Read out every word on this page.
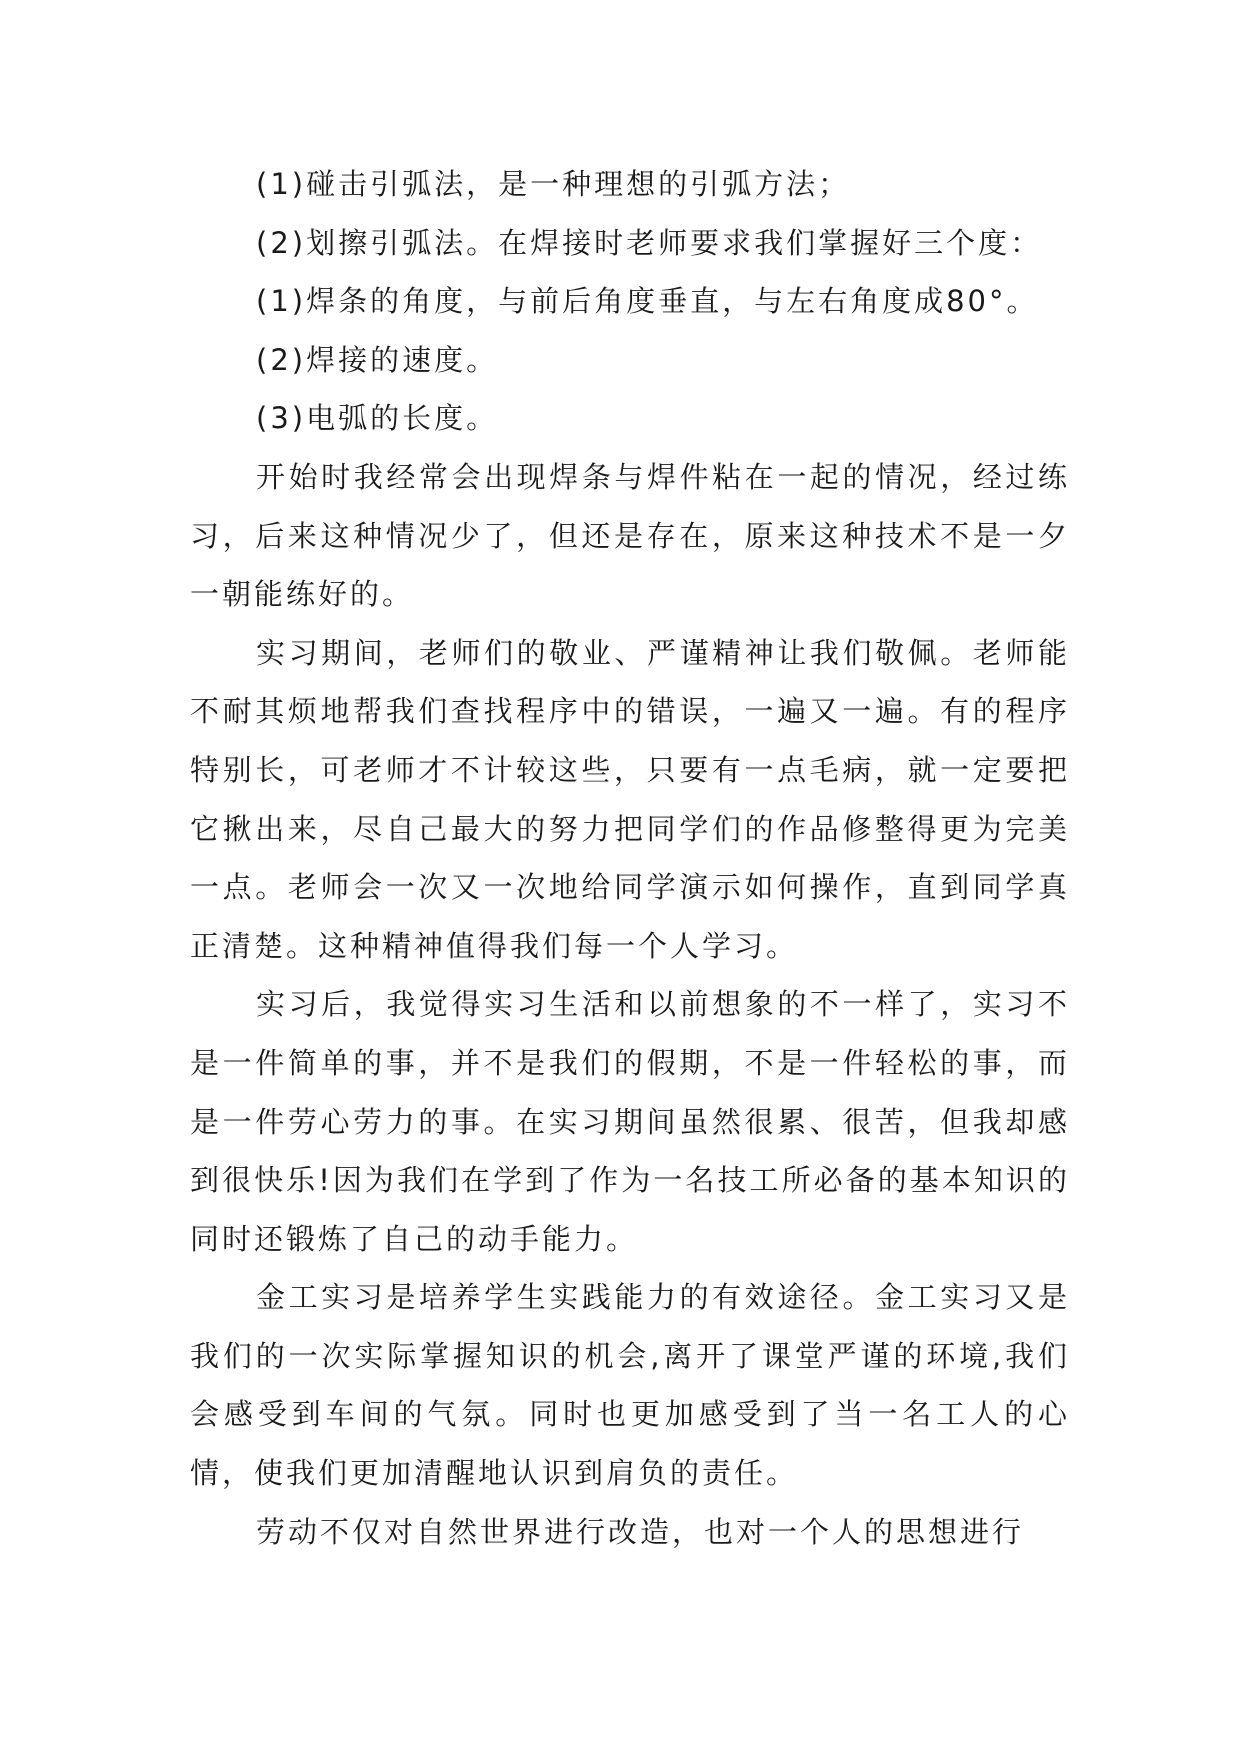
(1)碰击引弧法，是一种理想的引弧方法；

(2)划擦引弧法。在焊接时老师要求我们掌握好三个度：

(1)焊条的角度，与前后角度垂直，与左右角度成80°。

(2)焊接的速度。

(3)电弧的长度。

开始时我经常会出现焊条与焊件粘在一起的情况，经过练习，后来这种情况少了，但还是存在，原来这种技术不是一夕一朝能练好的。

实习期间，老师们的敬业、严谨精神让我们敬佩。老师能不耐其烦地帮我们查找程序中的错误，一遍又一遍。有的程序特别长，可老师才不计较这些，只要有一点毛病，就一定要把它揪出来，尽自己最大的努力把同学们的作品修整得更为完美一点。老师会一次又一次地给同学演示如何操作，直到同学真正清楚。这种精神值得我们每一个人学习。

实习后，我觉得实习生活和以前想象的不一样了，实习不是一件简单的事，并不是我们的假期，不是一件轻松的事，而是一件劳心劳力的事。在实习期间虽然很累、很苦，但我却感到很快乐!因为我们在学到了作为一名技工所必备的基本知识的同时还锻炼了自己的动手能力。

金工实习是培养学生实践能力的有效途径。金工实习又是我们的一次实际掌握知识的机会,离开了课堂严谨的环境,我们会感受到车间的气氛。同时也更加感受到了当一名工人的心情，使我们更加清醒地认识到肩负的责任。

劳动不仅对自然世界进行改造，也对一个人的思想进行
